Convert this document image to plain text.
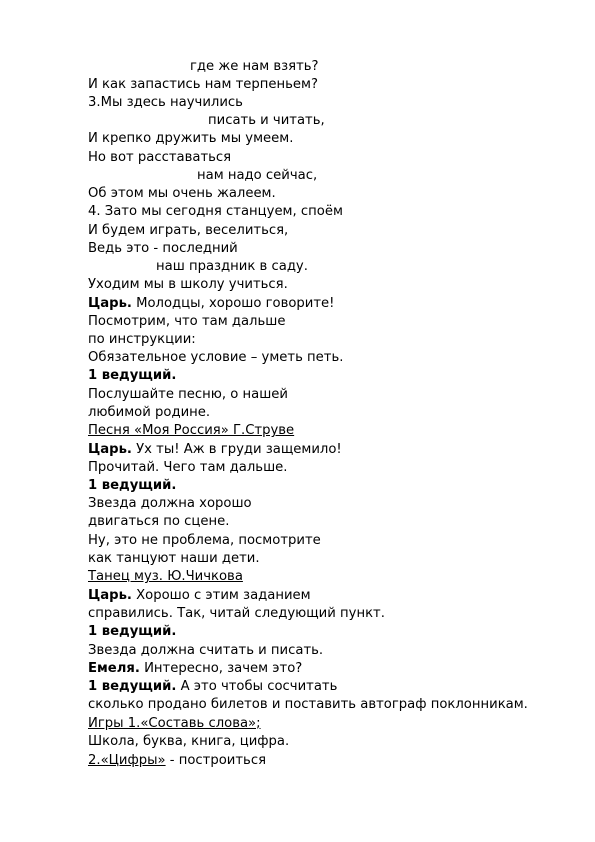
где же нам взять?
И как запастись нам терпеньем?
3.Мы здесь научились
писать и читать,
И крепко дружить мы умеем.
Но вот расставаться
нам надо сейчас,
Об этом мы очень жалеем.
4. Зато мы сегодня станцуем, споём
И будем играть, веселиться,
Ведь это - последний
наш праздник в саду.
Уходим мы в школу учиться.
Царь. Молодцы, хорошо говорите!
Посмотрим, что там дальше
по инструкции:
Обязательное условие – уметь петь.
1 ведущий.
Послушайте песню, о нашей
любимой родине.
Песня «Моя Россия» Г.Струве
Царь. Ух ты! Аж в груди защемило!
Прочитай. Чего там дальше.
1 ведущий.
Звезда должна хорошо
двигаться по сцене.
Ну, это не проблема, посмотрите
как танцуют наши дети.
Танец муз. Ю.Чичкова
Царь. Хорошо с этим заданием
справились. Так, читай следующий пункт.
1 ведущий.
Звезда должна считать и писать.
Емеля. Интересно, зачем это?
1 ведущий. А это чтобы сосчитать
сколько продано билетов и поставить автограф поклонникам.
Игры 1.«Составь слова»;
Школа, буква, книга, цифра.
2.«Цифры» - построиться
